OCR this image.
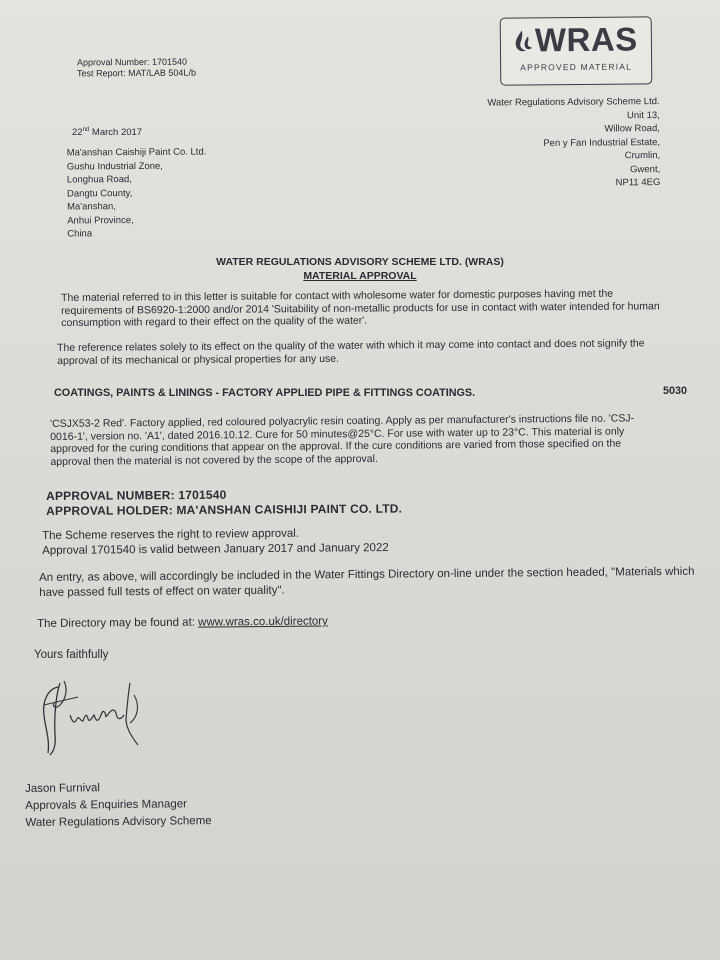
Approval Number: 1701540
Test Report: MAT/LAB 504L/b
WRAS
APPROVED MATERIAL
Water Regulations Advisory Scheme Ltd.
Unit 13,
Willow Road,
Pen y Fan Industrial Estate,
Crumlin,
Gwent,
NP11 4EG
22nd March 2017
Ma'anshan Caishiji Paint Co. Ltd.
Gushu Industrial Zone,
Longhua Road,
Dangtu County,
Ma'anshan,
Anhui Province,
China
WATER REGULATIONS ADVISORY SCHEME LTD. (WRAS)
MATERIAL APPROVAL
The material referred to in this letter is suitable for contact with wholesome water for domestic purposes having met the
requirements of BS6920-1:2000 and/or 2014 'Suitability of non-metallic products for use in contact with water intended for human
consumption with regard to their effect on the quality of the water'.
The reference relates solely to its effect on the quality of the water with which it may come into contact and does not signify the
approval of its mechanical or physical properties for any use.
COATINGS, PAINTS & LININGS - FACTORY APPLIED PIPE & FITTINGS COATINGS.	5030
'CSJX53-2 Red'. Factory applied, red coloured polyacrylic resin coating. Apply as per manufacturer's instructions file no. 'CSJ-
0016-1', version no. 'A1', dated 2016.10.12. Cure for 50 minutes@25°C. For use with water up to 23°C. This material is only
approved for the curing conditions that appear on the approval. If the cure conditions are varied from those specified on the
approval then the material is not covered by the scope of the approval.
APPROVAL NUMBER: 1701540
APPROVAL HOLDER: MA'ANSHAN CAISHIJI PAINT CO. LTD.
The Scheme reserves the right to review approval.
Approval 1701540 is valid between January 2017 and January 2022
An entry, as above, will accordingly be included in the Water Fittings Directory on-line under the section headed, "Materials which
have passed full tests of effect on water quality".
The Directory may be found at: www.wras.co.uk/directory
Yours faithfully
Jason Furnival
Approvals & Enquiries Manager
Water Regulations Advisory Scheme
